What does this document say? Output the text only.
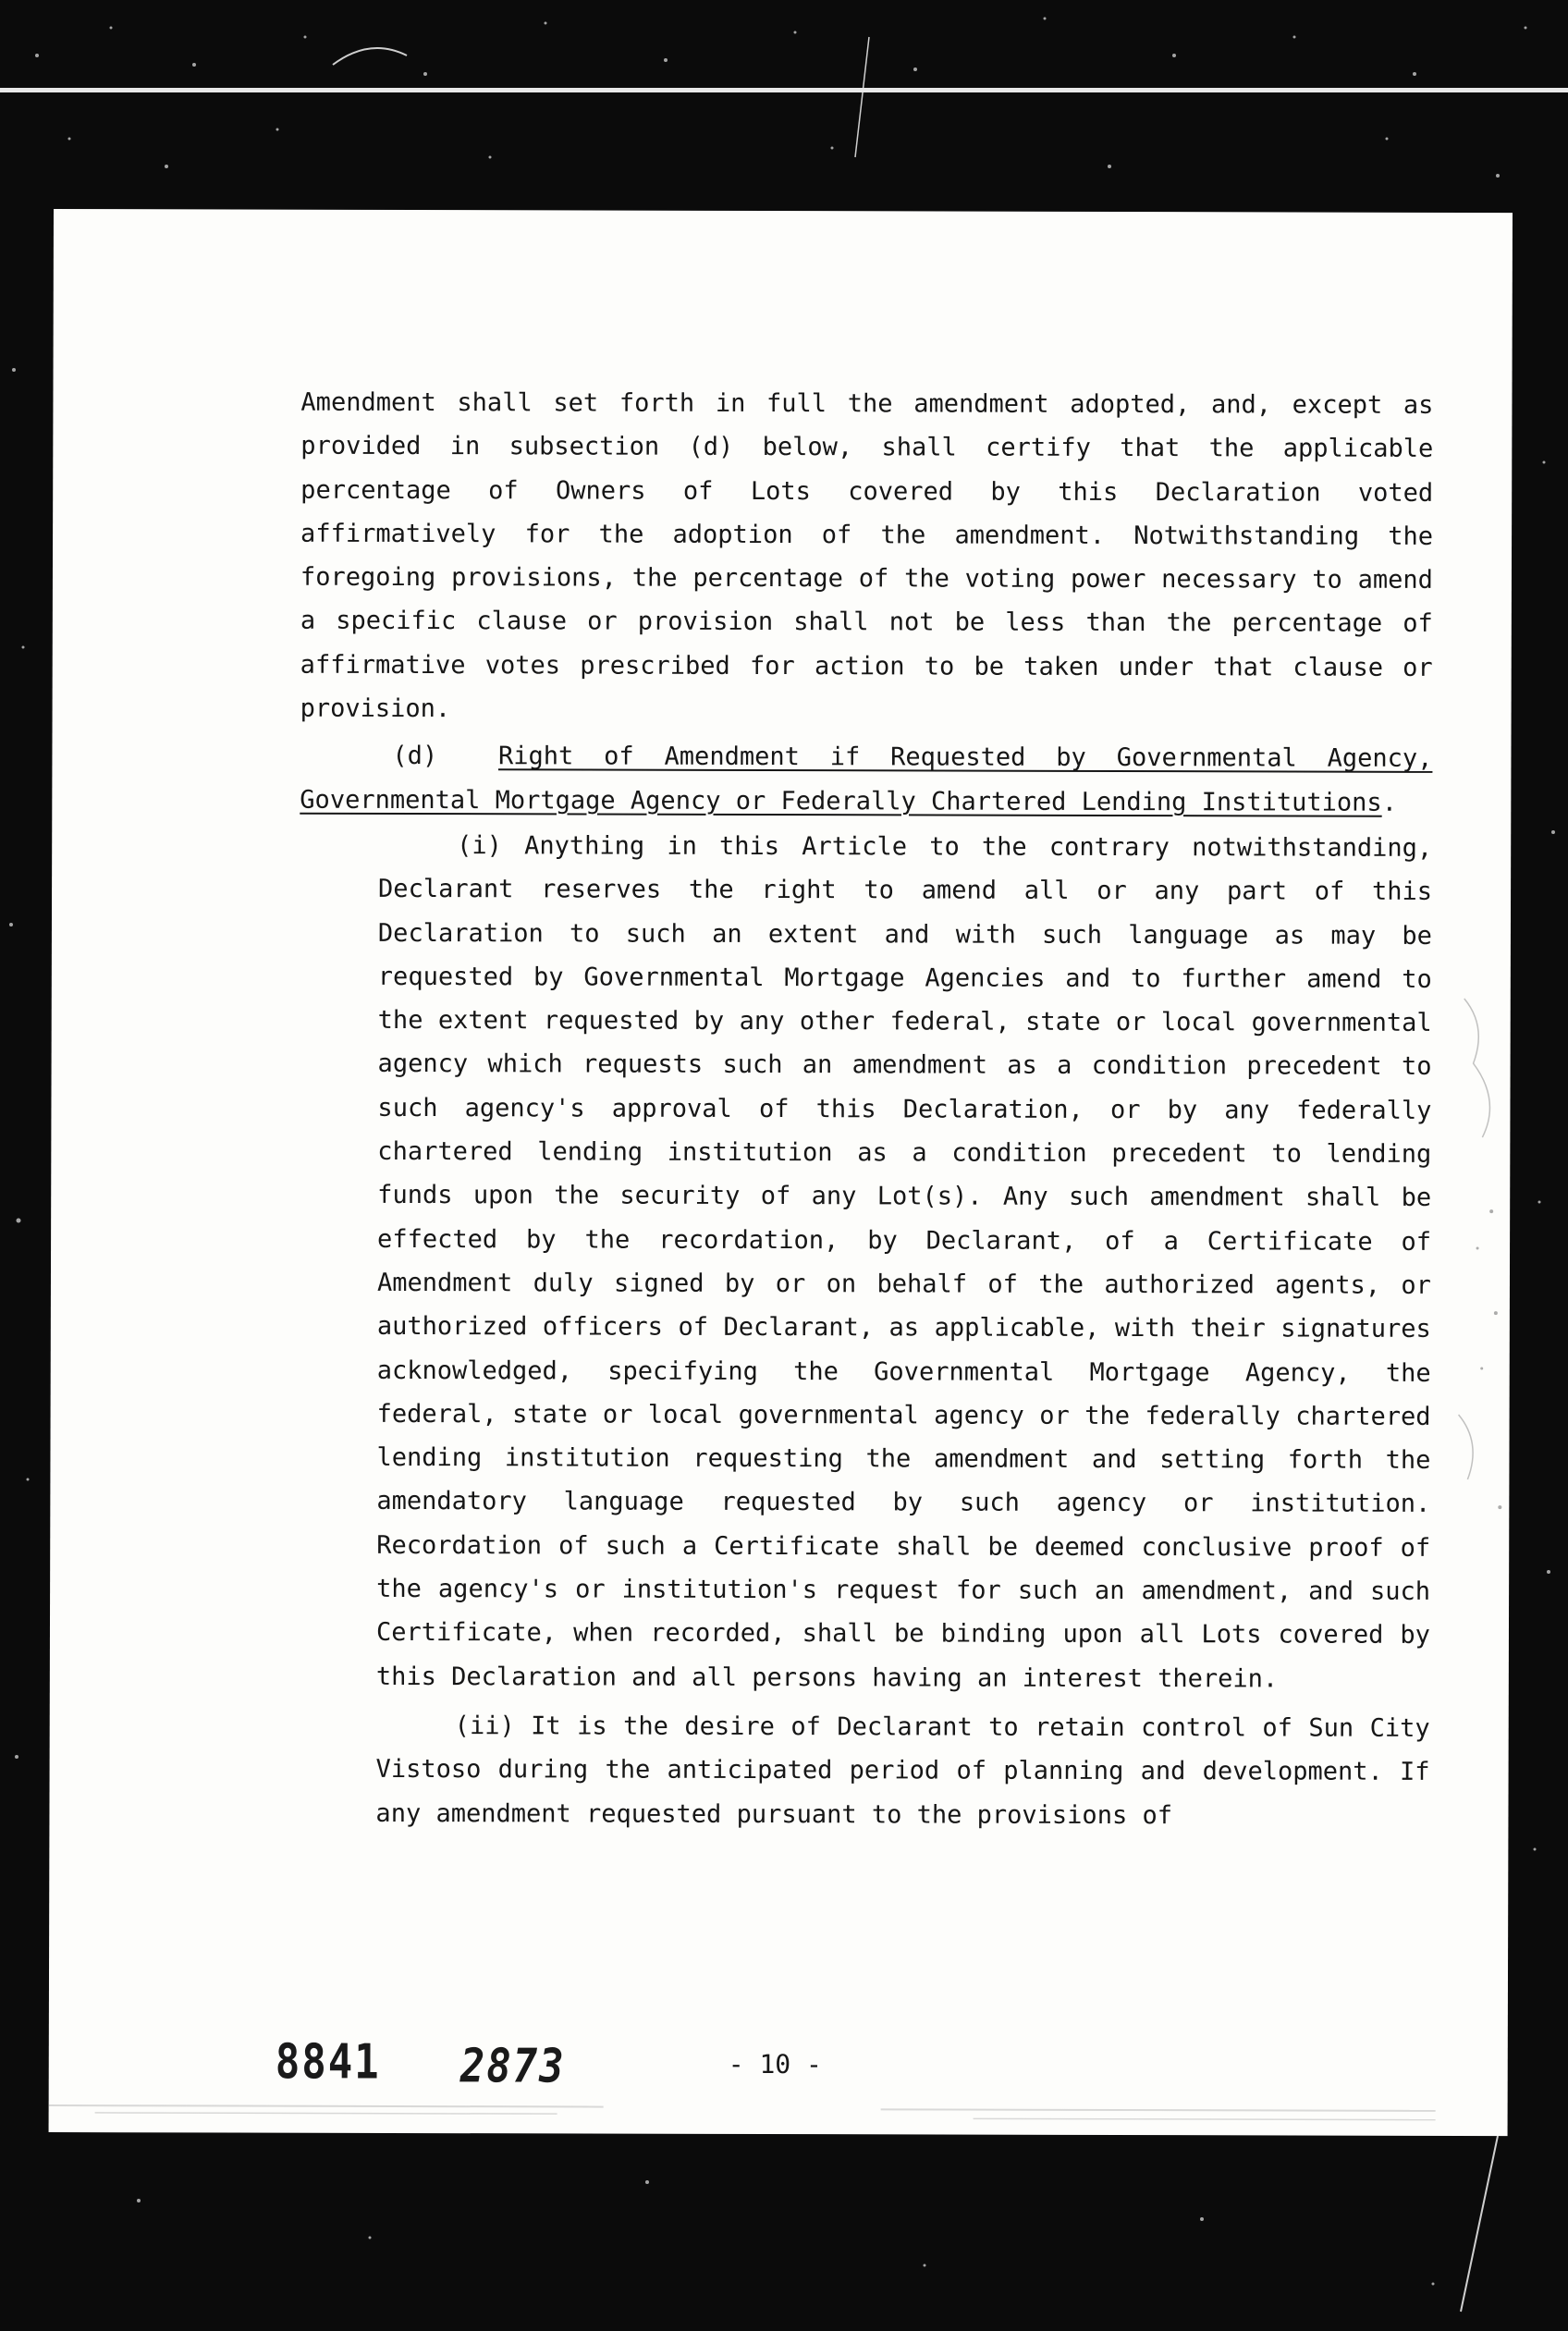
Amendment shall set forth in full the amendment adopted, and, except as provided in subsection (d) below, shall certify that the applicable percentage of Owners of Lots covered by this Declaration voted affirmatively for the adoption of the amendment. Notwithstanding the foregoing provisions, the percentage of the voting power necessary to amend a specific clause or provision shall not be less than the percentage of affirmative votes prescribed for action to be taken under that clause or provision.

(d) Right of Amendment if Requested by Governmental Agency, Governmental Mortgage Agency or Federally Chartered Lending Institutions.

(i) Anything in this Article to the contrary notwithstanding, Declarant reserves the right to amend all or any part of this Declaration to such an extent and with such language as may be requested by Governmental Mortgage Agencies and to further amend to the extent requested by any other federal, state or local governmental agency which requests such an amendment as a condition precedent to such agency's approval of this Declaration, or by any federally chartered lending institution as a condition precedent to lending funds upon the security of any Lot(s). Any such amendment shall be effected by the recordation, by Declarant, of a Certificate of Amendment duly signed by or on behalf of the authorized agents, or authorized officers of Declarant, as applicable, with their signatures acknowledged, specifying the Governmental Mortgage Agency, the federal, state or local governmental agency or the federally chartered lending institution requesting the amendment and setting forth the amendatory language requested by such agency or institution. Recordation of such a Certificate shall be deemed conclusive proof of the agency's or institution's request for such an amendment, and such Certificate, when recorded, shall be binding upon all Lots covered by this Declaration and all persons having an interest therein.

(ii) It is the desire of Declarant to retain control of Sun City Vistoso during the anticipated period of planning and development. If any amendment requested pursuant to the provisions of

8841 2873	- 10 -
